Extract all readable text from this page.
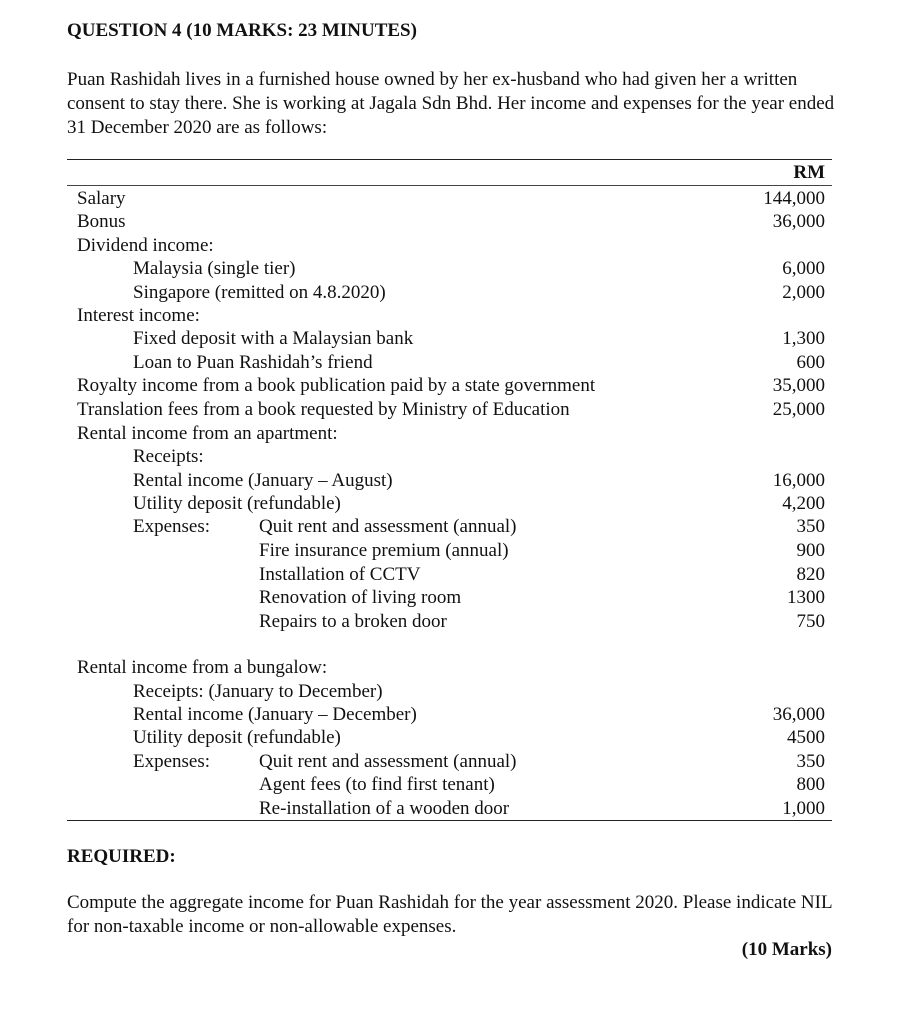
QUESTION 4 (10 MARKS: 23 MINUTES)
Puan Rashidah lives in a furnished house owned by her ex-husband who had given her a written consent to stay there. She is working at Jagala Sdn Bhd. Her income and expenses for the year ended 31 December 2020 are as follows:
RM
Salary	144,000
Bonus	36,000
Dividend income:
Malaysia (single tier)	6,000
Singapore (remitted on 4.8.2020)	2,000
Interest income:
Fixed deposit with a Malaysian bank	1,300
Loan to Puan Rashidah’s friend	600
Royalty income from a book publication paid by a state government	35,000
Translation fees from a book requested by Ministry of Education	25,000
Rental income from an apartment:
Receipts:
Rental income (January – August)	16,000
Utility deposit (refundable)	4,200
Expenses:	Quit rent and assessment (annual)	350
Fire insurance premium (annual)	900
Installation of CCTV	820
Renovation of living room	1300
Repairs to a broken door	750
Rental income from a bungalow:
Receipts: (January to December)
Rental income (January – December)	36,000
Utility deposit (refundable)	4500
Expenses:	Quit rent and assessment (annual)	350
Agent fees (to find first tenant)	800
Re-installation of a wooden door	1,000
REQUIRED:
Compute the aggregate income for Puan Rashidah for the year assessment 2020. Please indicate NIL for non-taxable income or non-allowable expenses.
(10 Marks)
